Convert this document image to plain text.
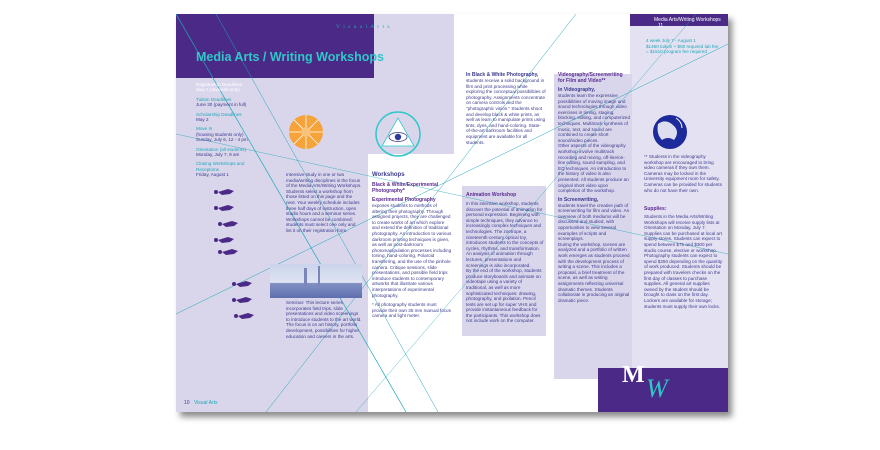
V i s u a l A r t s
Media Arts/Writing Workshops 11
Media Arts / Writing Workshops
Registration Deadlines
May 2 (deposits only)
Tuition Deadlines
June 30 (payment in full)
Scholarship Deadlines
May 2
Move In
(housing students only)
Sunday, July 6, 12 - 4 pm
Orientation (all students)
Monday, July 7, 9 am
Closing Workshops and Receptions
Friday, August 1	Intensive study in one or two media/writing disciplines is the focus of the Media Arts/Writing Workshops. Students select a workshop from those listed on this page and the next. Your weekly schedule includes three half days of instruction, open studio hours and a seminar series. Workshops cannot be combined; students must select one only and list it on their registration form.
Seminar: This lecture series incorporates field trips, slide presentations and video screenings to introduce students to the art world. The focus is on art history, portfolio development, possibilities for higher education and careers in the arts.
Workshops
Black & White/Experimental Photography*
Experimental Photography
exposes students to methods of altering their photography. Through assigned projects, they are challenged to create works of art which explore and extend the definition of traditional photography. An introduction to various darkroom printing techniques is given, as well as post-darkroom photomanipulation processes including toning, hand-coloring, Polaroid transferring, and the use of the pinhole camera. Critique sessions, slide presentations, and possible field trips introduce students to contemporary artworks that illustrate various interpretations of experimental photography.
* All photography students must provide their own 35 mm manual focus camera and light meter.
In Black & White Photography,
students receive a solid background in film and print processing while exploring the conceptual possibilities of photography. Assignments concentrate on camera controls and the "photographic vision." Students shoot and develop black & white prints, as well as learn to manipulate prints using tints, dyes, and hand-coloring. State-of-the-art darkroom facilities and equipment are available for all students.
Animation Workshop
In this intensive workshop, students discover the potential of animation for personal expression. Beginning with simple techniques, they advance to increasingly complex techniques and technologies. The zoetrope, a nineteenth-century optical toy, introduces students to the concepts of cycles, rhythms, and transformation. An analysis of animation through lectures, presentations and screenings is also incorporated.
By the end of the workshop, students produce storyboards and animate on videotape using a variety of traditional, as well as more sophisticated techniques: drawing, photography, and pixilation. Pencil tests are set up for super VHS and provide instantaneous feedback for the participants. This workshop does not include work on the computer.
Videography/Screenwriting for Film and Video**
In Videography,
students learn the expressive possibilities of moving image and sound technologies through video exercises in timing, staging, blocking, editing, and computerized techniques. Multitrack synthesis of music, text, and sound are combined to create short sound/video pieces.
Other aspects of the videography workshop involve multitrack recording and mixing, off-line/on-line editing, sound sampling, and EQ techniques. An introduction to the history of video is also presented. All students produce an original short video upon completion of the workshop.
In Screenwriting,
students travel the creative path of screenwriting for film and video. An overview of both mediums will be discussed and studied, with opportunities to view several examples of scripts and screenplays.
During the workshop, scenes are analyzed and a portfolio of written work emerges as students proceed with the development process of writing a scene. This includes a proposal, a brief treatment of the scene, as well as writing assignments reflecting universal dramatic themes. Students collaborate in producing an original dramatic piece.
4 week July 7 - August 1
$1460 tuition + $50 required lab fee
= $1510 program fee required
** Students in the videography workshop are encouraged to bring video cameras if they own them. Cameras may be locked in the University equipment room for safety. Cameras can be provided for students who do not have their own.
Supplies:
Students in the Media Arts/Writing Workshops will receive supply lists at Orientation on Monday, July 7. Supplies can be purchased at local art supply stores. Students can expect to spend between $75 and $300 per studio course, elective or workshop. Photography students can expect to spend $250 depending on the quantity of work produced. Students should be prepared with travelers checks on the first day of classes to purchase supplies. All general art supplies owned by the student should be brought to class on the first day. Lockers are available for storage; students must supply their own locks.
M W
10 Visual Arts
